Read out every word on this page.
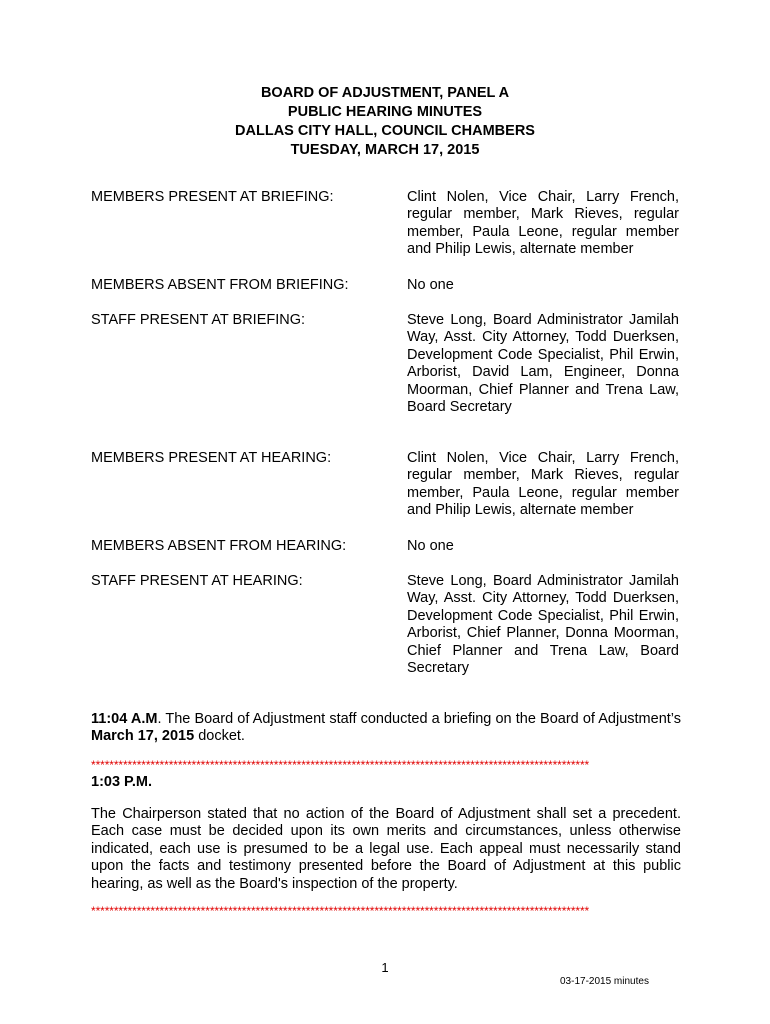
BOARD OF ADJUSTMENT, PANEL A
PUBLIC HEARING MINUTES
DALLAS CITY HALL, COUNCIL CHAMBERS
TUESDAY, MARCH 17, 2015
MEMBERS PRESENT AT BRIEFING:	Clint Nolen, Vice Chair, Larry French, regular member, Mark Rieves, regular member, Paula Leone, regular member and Philip Lewis, alternate member
MEMBERS ABSENT FROM BRIEFING:	No one
STAFF PRESENT AT BRIEFING:	Steve Long, Board Administrator Jamilah Way, Asst. City Attorney, Todd Duerksen, Development Code Specialist, Phil Erwin, Arborist, David Lam, Engineer, Donna Moorman, Chief Planner and Trena Law, Board Secretary
MEMBERS PRESENT AT HEARING:	Clint Nolen, Vice Chair, Larry French, regular member, Mark Rieves, regular member, Paula Leone, regular member and Philip Lewis, alternate member
MEMBERS ABSENT FROM HEARING:	No one
STAFF PRESENT AT HEARING:	Steve Long, Board Administrator Jamilah Way, Asst. City Attorney, Todd Duerksen, Development Code Specialist, Phil Erwin, Arborist, Chief Planner, Donna Moorman, Chief Planner and Trena Law, Board Secretary
11:04 A.M. The Board of Adjustment staff conducted a briefing on the Board of Adjustment’s March 17, 2015 docket.
*************************************************************************************************************
1:03 P.M.
The Chairperson stated that no action of the Board of Adjustment shall set a precedent. Each case must be decided upon its own merits and circumstances, unless otherwise indicated, each use is presumed to be a legal use. Each appeal must necessarily stand upon the facts and testimony presented before the Board of Adjustment at this public hearing, as well as the Board's inspection of the property.
*************************************************************************************************************
1
03-17-2015 minutes
